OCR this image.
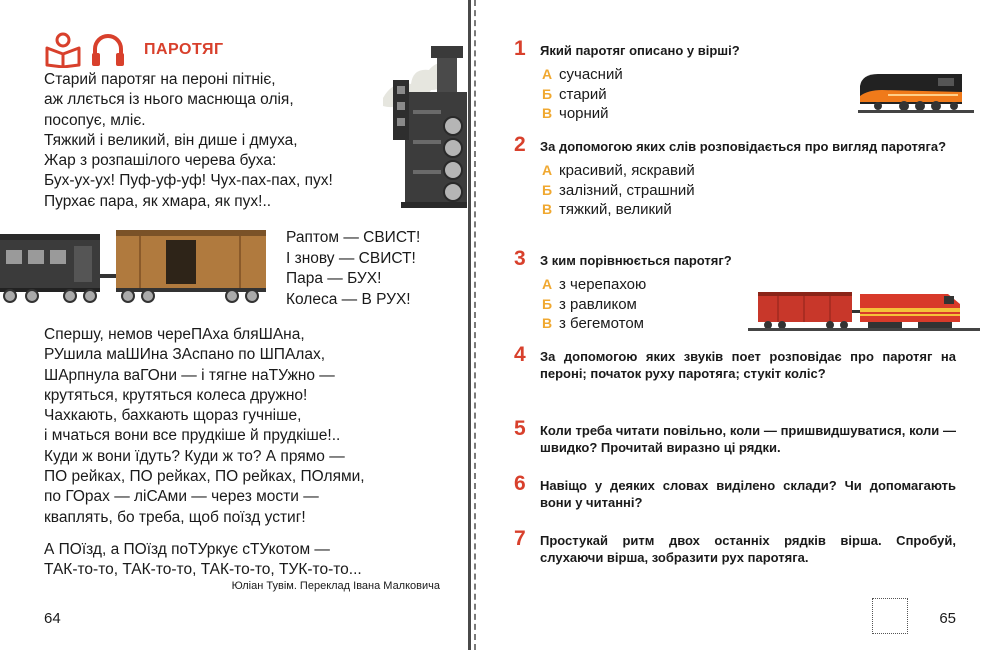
ПАРОТЯГ
Старий паротяг на пероні пітніє,
аж ллється із нього маснюща олія,
посопує, мліє.
Тяжкий і великий, він дише і дмуха,
Жар з розпашілого черева буха:
Бух-ух-ух! Пуф-уф-уф! Чух-пах-пах, пух!
Пурхає пара, як хмара, як пух!..
Раптом — СВИСТ!
І знову — СВИСТ!
Пара — БУХ!
Колеса — В РУХ!
Спершу, немов череПАха бляШАна,
РУшила маШИна ЗАспано по ШПАлах,
ШАрпнула ваГОни — і тягне наТУжно —
крутяться, крутяться колеса дружно!
Чахкають, бахкають щораз гучніше,
і мчаться вони все прудкіше й прудкіше!..
Куди ж вони їдуть? Куди ж то? А прямо —
ПО рейках, ПО рейках, ПО рейках, ПОлями,
по ГОрах — ліСАми — через мости —
кваплять, бо треба, щоб поїзд устиг!
А ПОїзд, а ПОїзд поТУркує сТУкотом —
ТАК-то-то, ТАК-то-то, ТАК-то-то, ТУК-то-то...
Юліан Тувім. Переклад Івана Малковича
64
1 Який паротяг описано у вірші?
А сучасний
Б старий
В чорний
2 За допомогою яких слів розповідається про вигляд паротяга?
А красивий, яскравий
Б залізний, страшний
В тяжкий, великий
3 З ким порівнюється паротяг?
А з черепахою
Б з равликом
В з бегемотом
4 За допомогою яких звуків поет розповідає про паротяг на пероні; початок руху паротяга; стукіт коліс?
5 Коли треба читати повільно, коли — пришвидшуватися, коли — швидко? Прочитай виразно ці рядки.
6 Навіщо у деяких словах виділено склади? Чи допомагають вони у читанні?
7 Простукай ритм двох останніх рядків вірша. Спробуй, слухаючи вірша, зобразити рух паротяга.
65
